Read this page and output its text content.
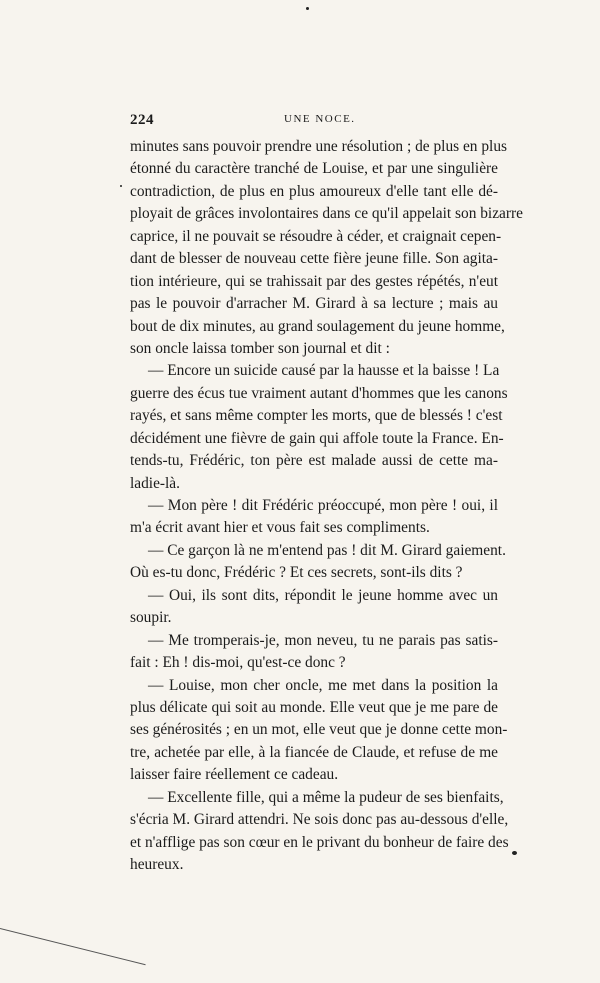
224	UNE NOCE.
minutes sans pouvoir prendre une résolution ; de plus en plus
étonné du caractère tranché de Louise, et par une singulière
contradiction, de plus en plus amoureux d'elle tant elle dé-
ployait de grâces involontaires dans ce qu'il appelait son bizarre
caprice, il ne pouvait se résoudre à céder, et craignait cepen-
dant de blesser de nouveau cette fière jeune fille. Son agita-
tion intérieure, qui se trahissait par des gestes répétés, n'eut
pas le pouvoir d'arracher M. Girard à sa lecture ; mais au
bout de dix minutes, au grand soulagement du jeune homme,
son oncle laissa tomber son journal et dit :
— Encore un suicide causé par la hausse et la baisse ! La
guerre des écus tue vraiment autant d'hommes que les canons
rayés, et sans même compter les morts, que de blessés ! c'est
décidément une fièvre de gain qui affole toute la France. En-
tends-tu, Frédéric, ton père est malade aussi de cette ma-
ladie-là.
— Mon père ! dit Frédéric préoccupé, mon père ! oui, il
m'a écrit avant hier et vous fait ses compliments.
— Ce garçon là ne m'entend pas ! dit M. Girard gaiement.
Où es-tu donc, Frédéric ? Et ces secrets, sont-ils dits ?
— Oui, ils sont dits, répondit le jeune homme avec un
soupir.
— Me tromperais-je, mon neveu, tu ne parais pas satis-
fait : Eh ! dis-moi, qu'est-ce donc ?
— Louise, mon cher oncle, me met dans la position la
plus délicate qui soit au monde. Elle veut que je me pare de
ses générosités ; en un mot, elle veut que je donne cette mon-
tre, achetée par elle, à la fiancée de Claude, et refuse de me
laisser faire réellement ce cadeau.
— Excellente fille, qui a même la pudeur de ses bienfaits,
s'écria M. Girard attendri. Ne sois donc pas au-dessous d'elle,
et n'afflige pas son cœur en le privant du bonheur de faire des
heureux.
